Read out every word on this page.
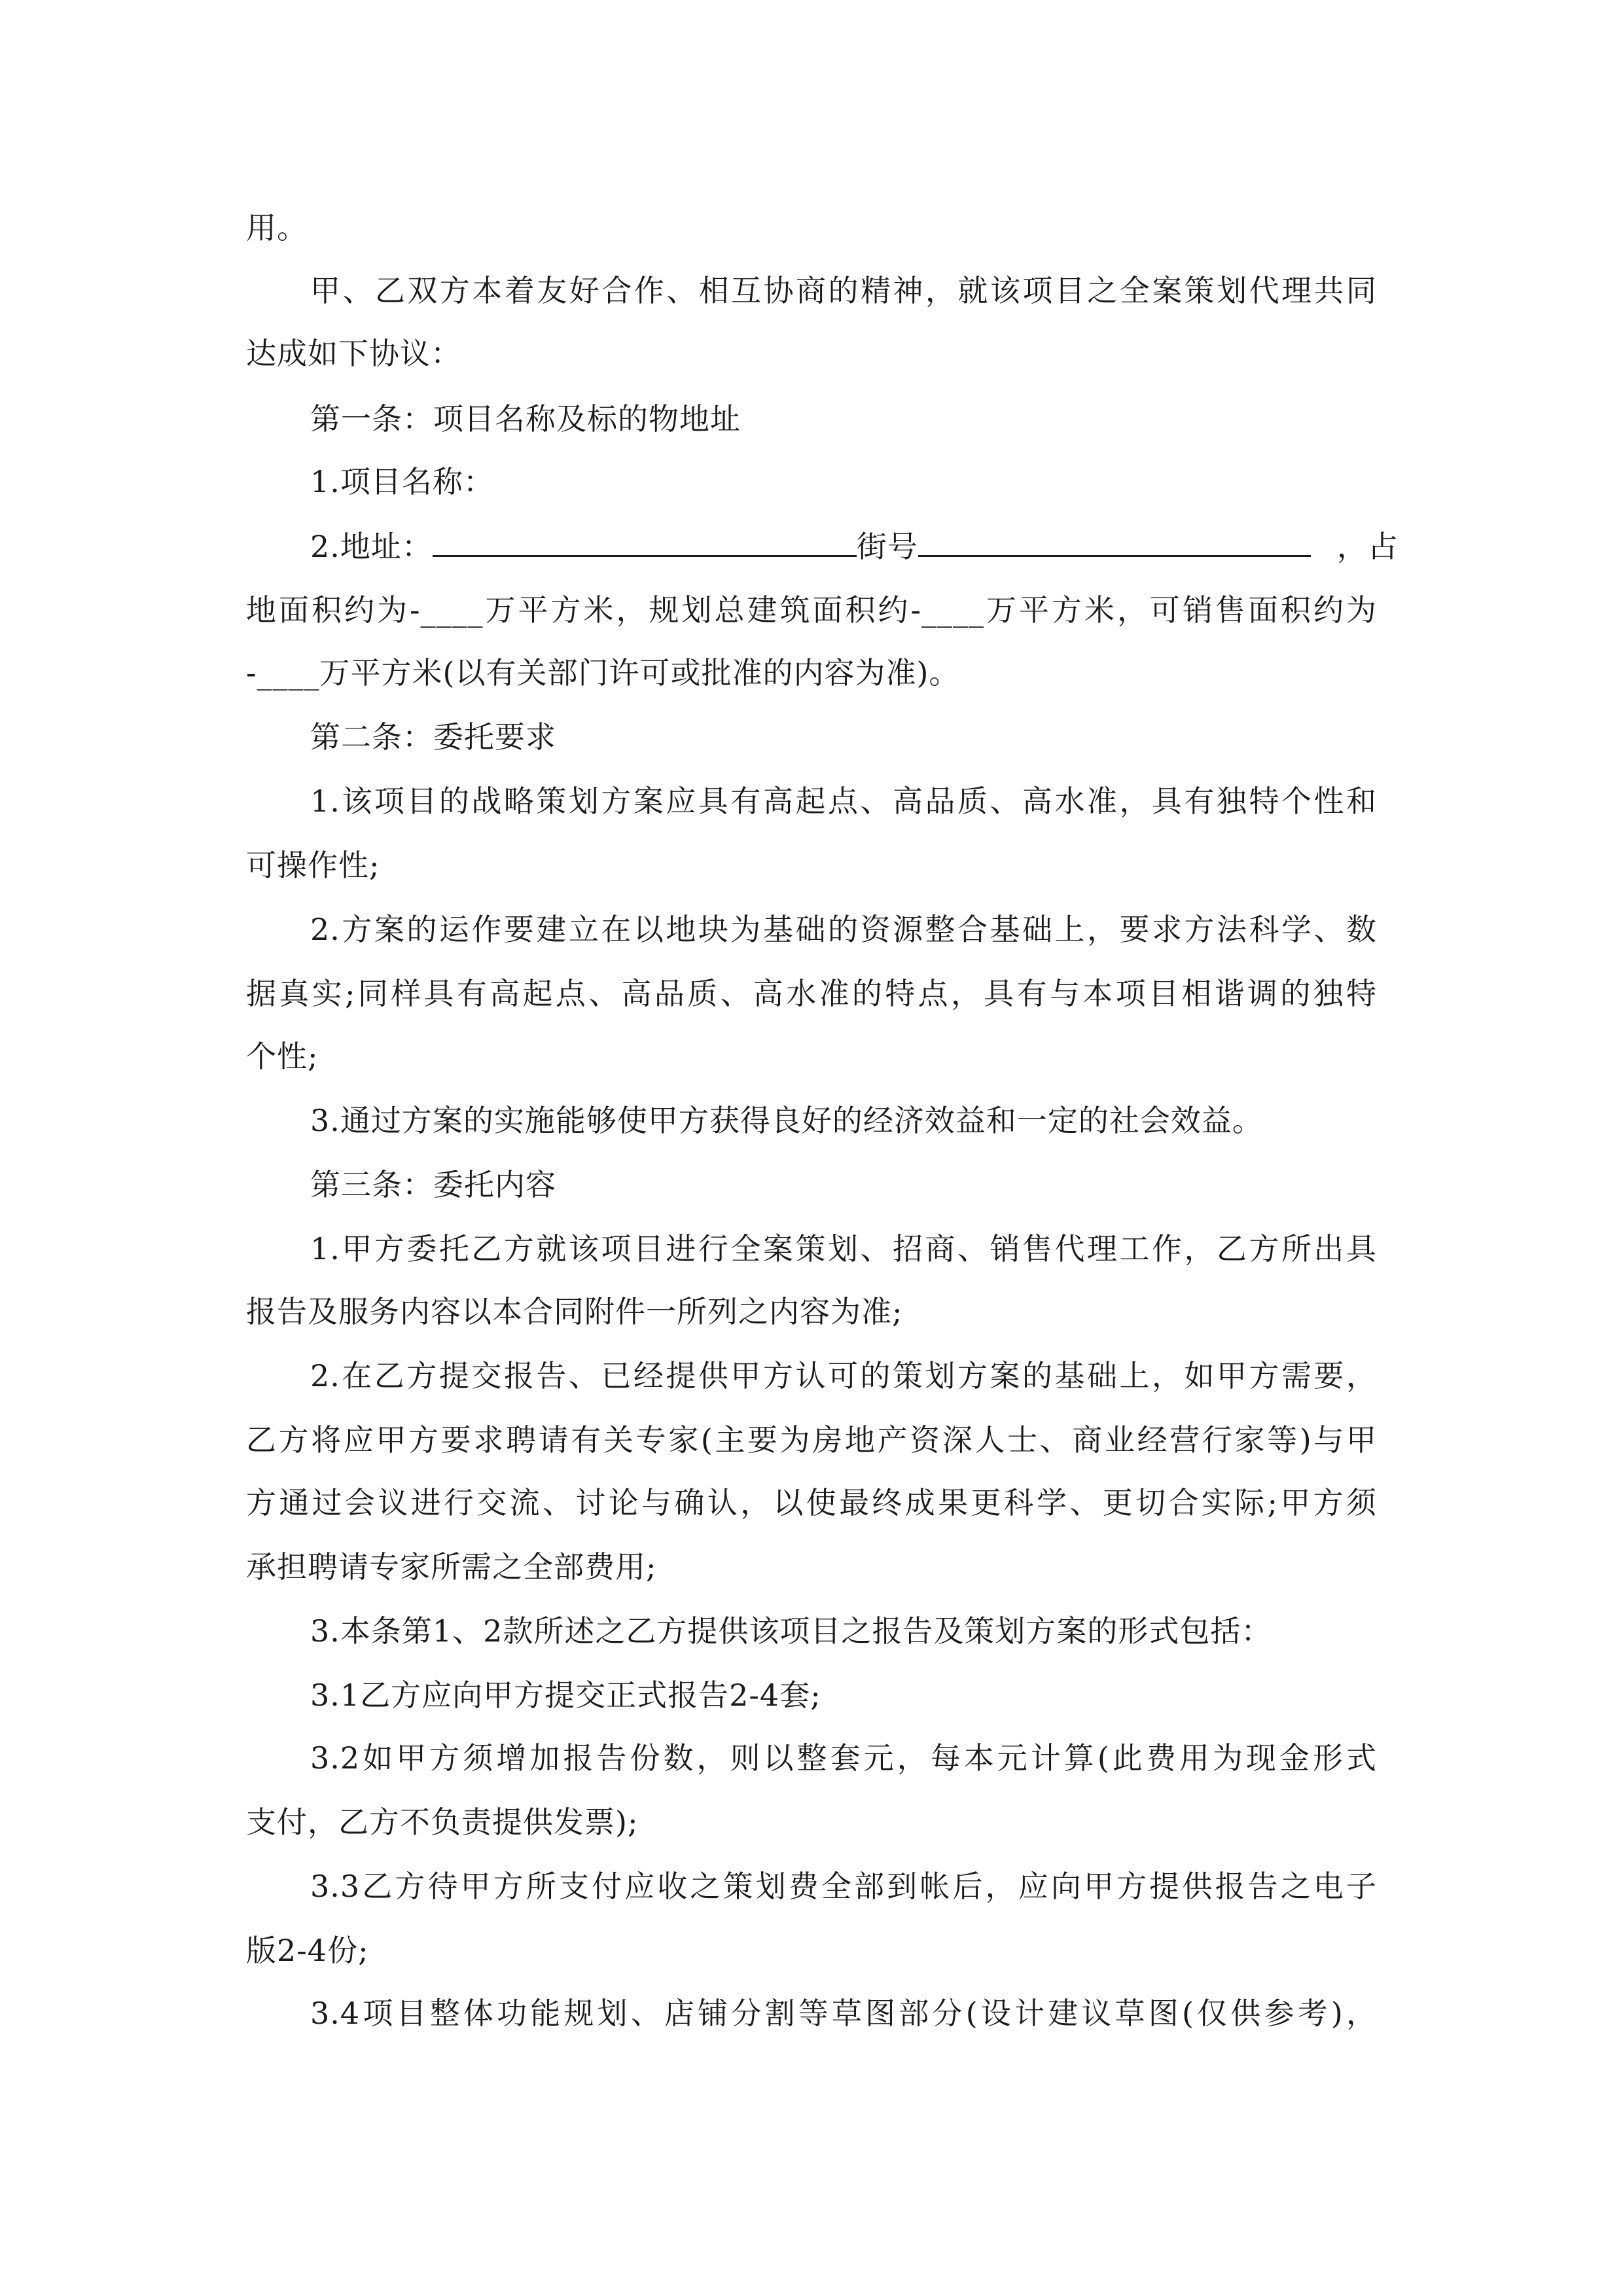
用。
甲、乙双方本着友好合作、相互协商的精神，就该项目之全案策划代理共同
达成如下协议：
第一条：项目名称及标的物地址
1.项目名称：
2.地址：	街号	，占
地面积约为-____万平方米，规划总建筑面积约-____万平方米，可销售面积约为
-____万平方米(以有关部门许可或批准的内容为准)。
第二条：委托要求
1.该项目的战略策划方案应具有高起点、高品质、高水准，具有独特个性和
可操作性;
2.方案的运作要建立在以地块为基础的资源整合基础上，要求方法科学、数
据真实;同样具有高起点、高品质、高水准的特点，具有与本项目相谐调的独特
个性;
3.通过方案的实施能够使甲方获得良好的经济效益和一定的社会效益。
第三条：委托内容
1.甲方委托乙方就该项目进行全案策划、招商、销售代理工作，乙方所出具
报告及服务内容以本合同附件一所列之内容为准;
2.在乙方提交报告、已经提供甲方认可的策划方案的基础上，如甲方需要，
乙方将应甲方要求聘请有关专家(主要为房地产资深人士、商业经营行家等)与甲
方通过会议进行交流、讨论与确认，以使最终成果更科学、更切合实际;甲方须
承担聘请专家所需之全部费用;
3.本条第1、2款所述之乙方提供该项目之报告及策划方案的形式包括：
3.1乙方应向甲方提交正式报告2-4套;
3.2如甲方须增加报告份数，则以整套元，每本元计算(此费用为现金形式
支付，乙方不负责提供发票);
3.3乙方待甲方所支付应收之策划费全部到帐后，应向甲方提供报告之电子
版2-4份;
3.4项目整体功能规划、店铺分割等草图部分(设计建议草图(仅供参考)，
